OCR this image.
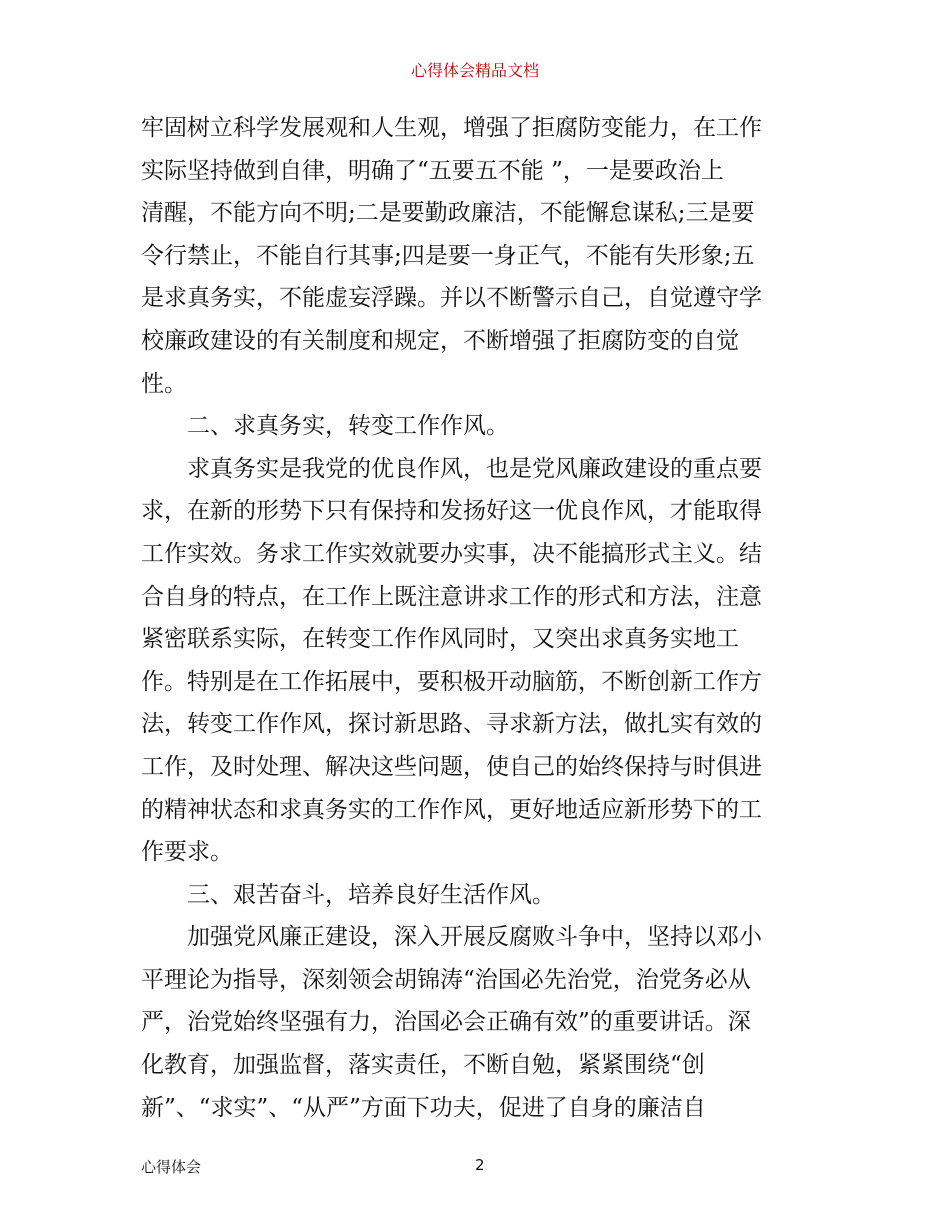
心得体会精品文档
牢固树立科学发展观和人生观，增强了拒腐防变能力，在工作
实际坚持做到自律，明确了“五要五不能 ”，一是要政治上
清醒，不能方向不明;二是要勤政廉洁，不能懈怠谋私;三是要
令行禁止，不能自行其事;四是要一身正气，不能有失形象;五
是求真务实，不能虚妄浮躁。并以不断警示自己，自觉遵守学
校廉政建设的有关制度和规定，不断增强了拒腐防变的自觉
性。
二、求真务实，转变工作作风。
求真务实是我党的优良作风，也是党风廉政建设的重点要
求，在新的形势下只有保持和发扬好这一优良作风，才能取得
工作实效。务求工作实效就要办实事，决不能搞形式主义。结
合自身的特点，在工作上既注意讲求工作的形式和方法，注意
紧密联系实际，在转变工作作风同时，又突出求真务实地工
作。特别是在工作拓展中，要积极开动脑筋，不断创新工作方
法，转变工作作风，探讨新思路、寻求新方法，做扎实有效的
工作，及时处理、解决这些问题，使自己的始终保持与时俱进
的精神状态和求真务实的工作作风，更好地适应新形势下的工
作要求。
三、艰苦奋斗，培养良好生活作风。
加强党风廉正建设，深入开展反腐败斗争中，坚持以邓小
平理论为指导，深刻领会胡锦涛“治国必先治党，治党务必从
严，治党始终坚强有力，治国必会正确有效”的重要讲话。深
化教育，加强监督，落实责任，不断自勉，紧紧围绕“创
新”、“求实”、“从严”方面下功夫，促进了自身的廉洁自
心得体会	2
